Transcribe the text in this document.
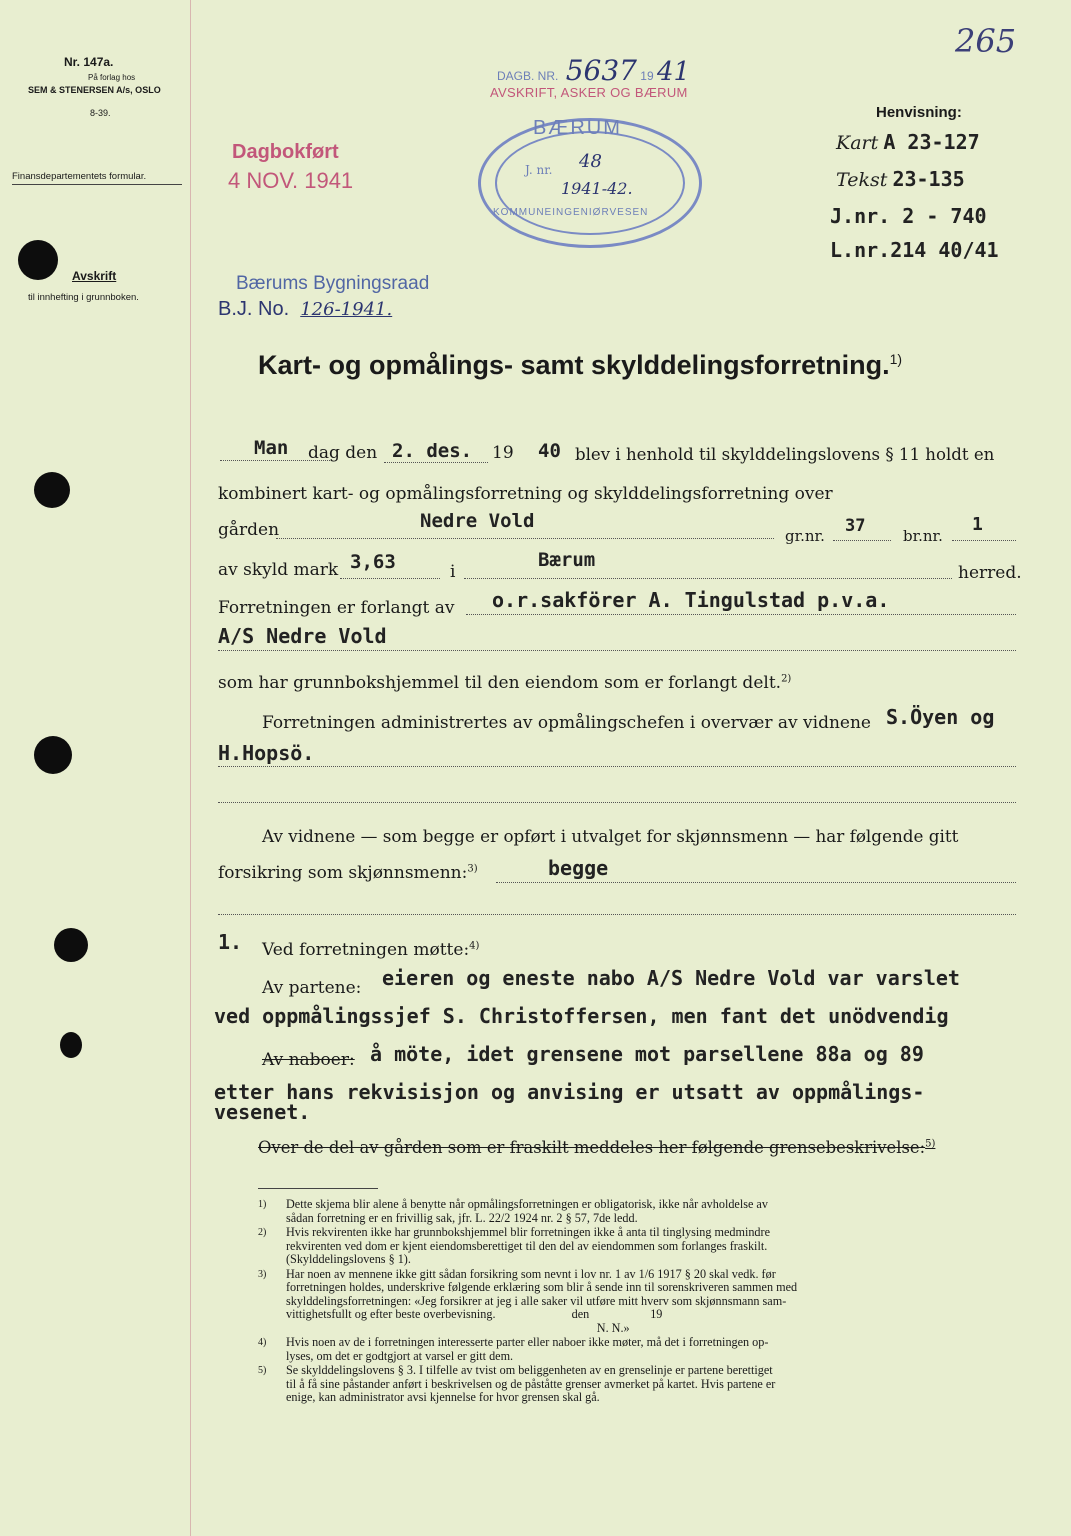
Nr. 147a.
På forlag hos
SEM & STENERSEN A/s, OSLO
8-39.
Finansdepartementets formular.
Avskrift
til innhefting i grunnboken.
DAGB. NR. 5637 19 41
AVSKRIFT, ASKER OG BÆRUM
265
Dagbokført
4 NOV. 1941
BÆRUM
J. nr. 48
1941-42.
KOMMUNEINGENIØRVESEN
Henvisning:
Kart A 23-127
Tekst 23-135
J.nr. 2 - 740
L.nr.214 40/41
Bærums Bygningsraad
B.J. No. 126-1941.
Kart- og opmålings- samt skylddelingsforretning.$^{1)}$
Man dag den 2. des. 19 40 blev i henhold til skylddelingslovens § 11 holdt en
kombinert kart- og opmålingsforretning og skylddelingsforretning over
gården	Nedre Vold
gr.nr. 37	br.nr.
1
av skyld mark 3,63	i
Bærum
herred.
Forretningen er forlangt av o.r.sakförer A. Tingulstad p.v.a.
A/S Nedre Vold
som har grunnbokshjemmel til den eiendom som er forlangt delt.$^{2)}$
Forretningen administrertes av opmålingschefen i overvær av vidnene S.Öyen og
H.Hopsö.
Av vidnene — som begge er opført i utvalget for skjønnsmenn — har følgende gitt
forsikring som skjønnsmenn:$^{3)}$	begge
1. Ved forretningen møtte:$^{4)}$
Av partene: eieren og eneste nabo A/S Nedre Vold var varslet
ved oppmålingssjef S. Christoffersen, men fant det unödvendig
Av naboer: å möte, idet grensene mot parsellene 88a og 89
etter hans rekvisisjon og anvising er utsatt av oppmålings-
vesenet.
Over de del av gården som er fraskilt meddeles her følgende grensebeskrivelse:$^{5)}$
1) Dette skjema blir alene å benytte når opmålingsforretningen er obligatorisk, ikke når avholdelse av
sådan forretning er en frivillig sak, jfr. L. 22/2 1924 nr. 2 § 57, 7de ledd.
2) Hvis rekvirenten ikke har grunnbokshjemmel blir forretningen ikke å anta til tinglysing medmindre
rekvirenten ved dom er kjent eiendomsberettiget til den del av eiendommen som forlanges fraskilt.
(Skylddelingslovens § 1).
3) Har noen av mennene ikke gitt sådan forsikring som nevnt i lov nr. 1 av 1/6 1917 § 20 skal vedk. før
forretningen holdes, underskrive følgende erklæring som blir å sende inn til sorenskriveren sammen med
skylddelingsforretningen: «Jeg forsikrer at jeg i alle saker vil utføre mitt hverv som skjønnsmann sam-
vittighetsfullt og efter beste overbevisning.                         den                    19
N. N.»
4) Hvis noen av de i forretningen interesserte parter eller naboer ikke møter, må det i forretningen op-
lyses, om det er godtgjort at varsel er gitt dem.
5) Se skylddelingslovens § 3. I tilfelle av tvist om beliggenheten av en grenselinje er partene berettiget
til å få sine påstander anført i beskrivelsen og de påståtte grenser avmerket på kartet. Hvis partene er
enige, kan administrator avsi kjennelse for hvor grensen skal gå.
